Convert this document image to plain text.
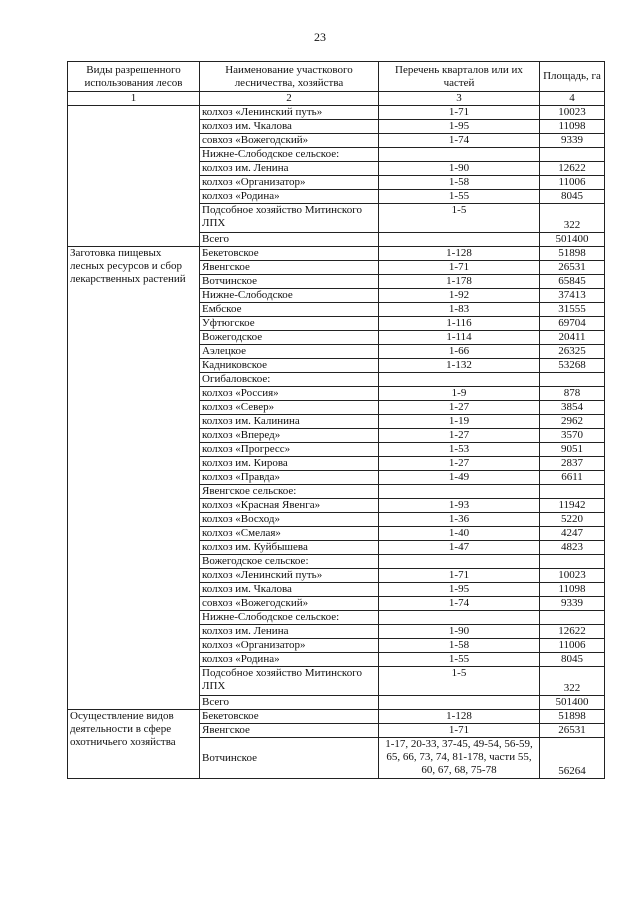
23
Виды разрешенного использования лесов	Наименование участкового лесничества, хозяйства	Перечень кварталов или их частей	Площадь, га
1	2	3	4
	колхоз «Ленинский путь»	1-71	10023
	колхоз им. Чкалова	1-95	11098
	совхоз «Вожегодский»	1-74	9339
	Нижне-Слободское сельское:		
	колхоз им. Ленина	1-90	12622
	колхоз «Организатор»	1-58	11006
	колхоз «Родина»	1-55	8045
	Подсобное хозяйство Митинского ЛПХ	1-5	322
	Всего		501400
Заготовка пищевых лесных ресурсов и сбор лекарственных растений	Бекетовское	1-128	51898
	Явенгское	1-71	26531
	Вотчинское	1-178	65845
	Нижне-Слободское	1-92	37413
	Ембское	1-83	31555
	Уфтюгское	1-116	69704
	Вожегодское	1-114	20411
	Аэлецкое	1-66	26325
	Кадниковское	1-132	53268
	Огибаловское:		
	колхоз «Россия»	1-9	878
	колхоз «Север»	1-27	3854
	колхоз им. Калинина	1-19	2962
	колхоз «Вперед»	1-27	3570
	колхоз «Прогресс»	1-53	9051
	колхоз им. Кирова	1-27	2837
	колхоз «Правда»	1-49	6611
	Явенгское сельское:		
	колхоз «Красная Явенга»	1-93	11942
	колхоз «Восход»	1-36	5220
	колхоз «Смелая»	1-40	4247
	колхоз им. Куйбышева	1-47	4823
	Вожегодское сельское:		
	колхоз «Ленинский путь»	1-71	10023
	колхоз им. Чкалова	1-95	11098
	совхоз «Вожегодский»	1-74	9339
	Нижне-Слободское сельское:		
	колхоз им. Ленина	1-90	12622
	колхоз «Организатор»	1-58	11006
	колхоз «Родина»	1-55	8045
	Подсобное хозяйство Митинского ЛПХ	1-5	322
	Всего		501400
Осуществление видов деятельности в сфере охотничьего хозяйства	Бекетовское	1-128	51898
	Явенгское	1-71	26531
	Вотчинское	1-17, 20-33, 37-45, 49-54, 56-59, 65, 66, 73, 74, 81-178, части 55, 60, 67, 68, 75-78	56264
